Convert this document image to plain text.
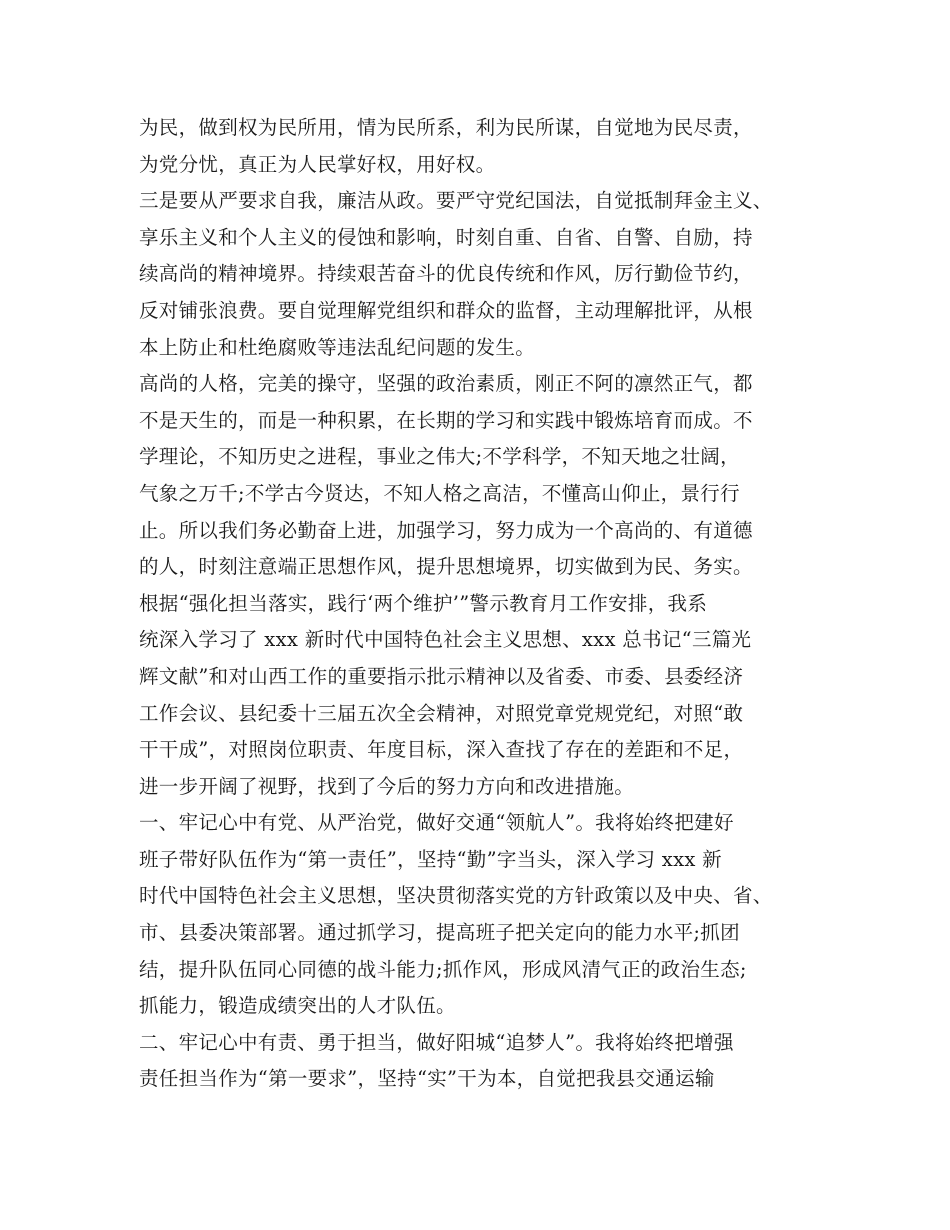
为民，做到权为民所用，情为民所系，利为民所谋，自觉地为民尽责，
为党分忧，真正为人民掌好权，用好权。
三是要从严要求自我，廉洁从政。要严守党纪国法，自觉抵制拜金主义、
享乐主义和个人主义的侵蚀和影响，时刻自重、自省、自警、自励，持
续高尚的精神境界。持续艰苦奋斗的优良传统和作风，厉行勤俭节约，
反对铺张浪费。要自觉理解党组织和群众的监督，主动理解批评，从根
本上防止和杜绝腐败等违法乱纪问题的发生。
高尚的人格，完美的操守，坚强的政治素质，刚正不阿的凛然正气，都
不是天生的，而是一种积累，在长期的学习和实践中锻炼培育而成。不
学理论，不知历史之进程，事业之伟大;不学科学，不知天地之壮阔，
气象之万千;不学古今贤达，不知人格之高洁，不懂高山仰止，景行行
止。所以我们务必勤奋上进，加强学习，努力成为一个高尚的、有道德
的人，时刻注意端正思想作风，提升思想境界，切实做到为民、务实。
根据“强化担当落实，践行‘两个维护’”警示教育月工作安排，我系
统深入学习了 xxx 新时代中国特色社会主义思想、xxx 总书记“三篇光
辉文献”和对山西工作的重要指示批示精神以及省委、市委、县委经济
工作会议、县纪委十三届五次全会精神，对照党章党规党纪，对照“敢
干干成”，对照岗位职责、年度目标，深入查找了存在的差距和不足，
进一步开阔了视野，找到了今后的努力方向和改进措施。
一、牢记心中有党、从严治党，做好交通“领航人”。我将始终把建好
班子带好队伍作为“第一责任”，坚持“勤”字当头，深入学习 xxx 新
时代中国特色社会主义思想，坚决贯彻落实党的方针政策以及中央、省、
市、县委决策部署。通过抓学习，提高班子把关定向的能力水平;抓团
结，提升队伍同心同德的战斗能力;抓作风，形成风清气正的政治生态;
抓能力，锻造成绩突出的人才队伍。
二、牢记心中有责、勇于担当，做好阳城“追梦人”。我将始终把增强
责任担当作为“第一要求”，坚持“实”干为本，自觉把我县交通运输
